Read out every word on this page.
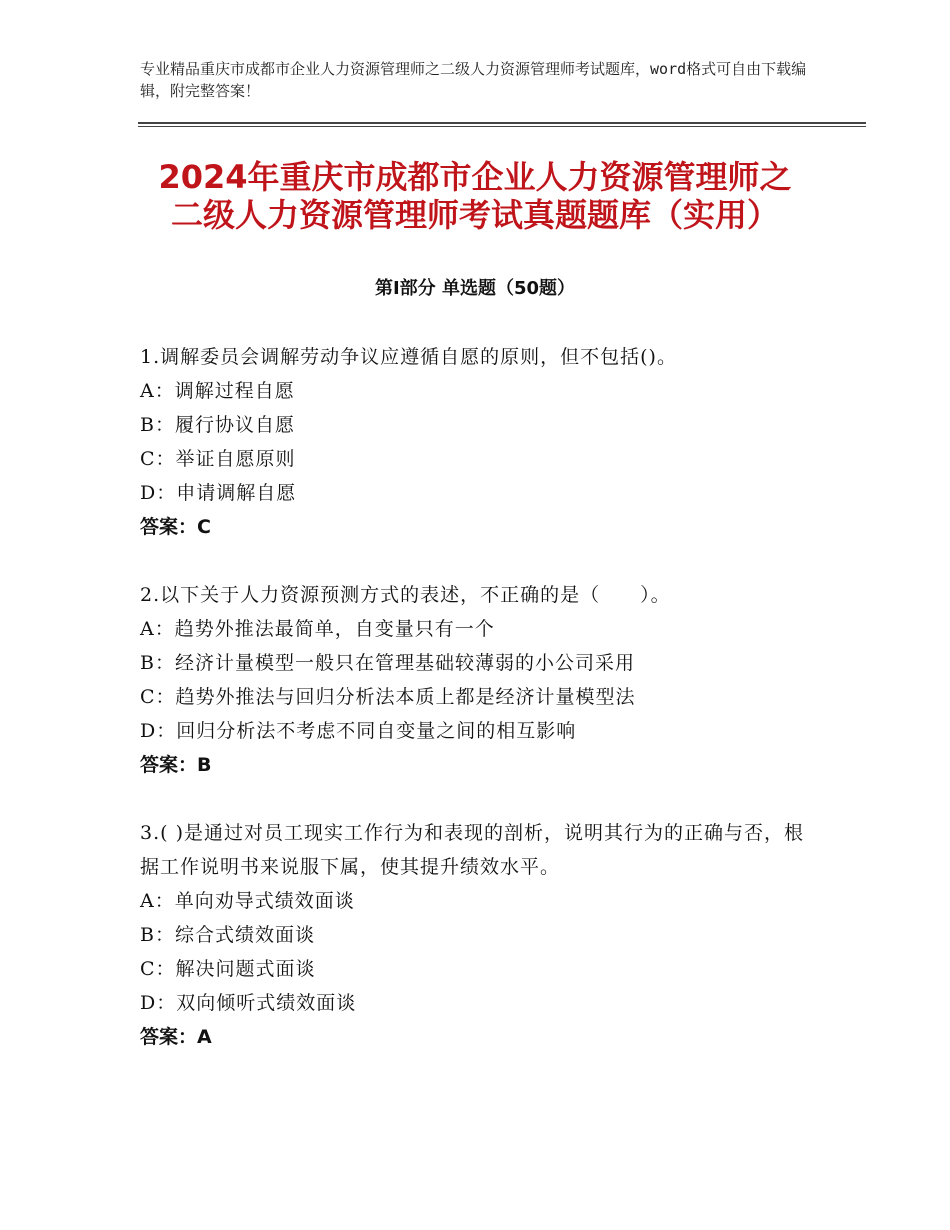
专业精品重庆市成都市企业人力资源管理师之二级人力资源管理师考试题库，word格式可自由下载编辑，附完整答案！
2024年重庆市成都市企业人力资源管理师之
二级人力资源管理师考试真题题库（实用）
第Ⅰ部分 单选题（50题）
1.调解委员会调解劳动争议应遵循自愿的原则，但不包括()。
A：调解过程自愿
B：履行协议自愿
C：举证自愿原则
D：申请调解自愿
答案：C
2.以下关于人力资源预测方式的表述，不正确的是（　　）。
A：趋势外推法最简单，自变量只有一个
B：经济计量模型一般只在管理基础较薄弱的小公司采用
C：趋势外推法与回归分析法本质上都是经济计量模型法
D：回归分析法不考虑不同自变量之间的相互影响
答案：B
3.( )是通过对员工现实工作行为和表现的剖析，说明其行为的正确与否，根据工作说明书来说服下属，使其提升绩效水平。
A：单向劝导式绩效面谈
B：综合式绩效面谈
C：解决问题式面谈
D：双向倾听式绩效面谈
答案：A
